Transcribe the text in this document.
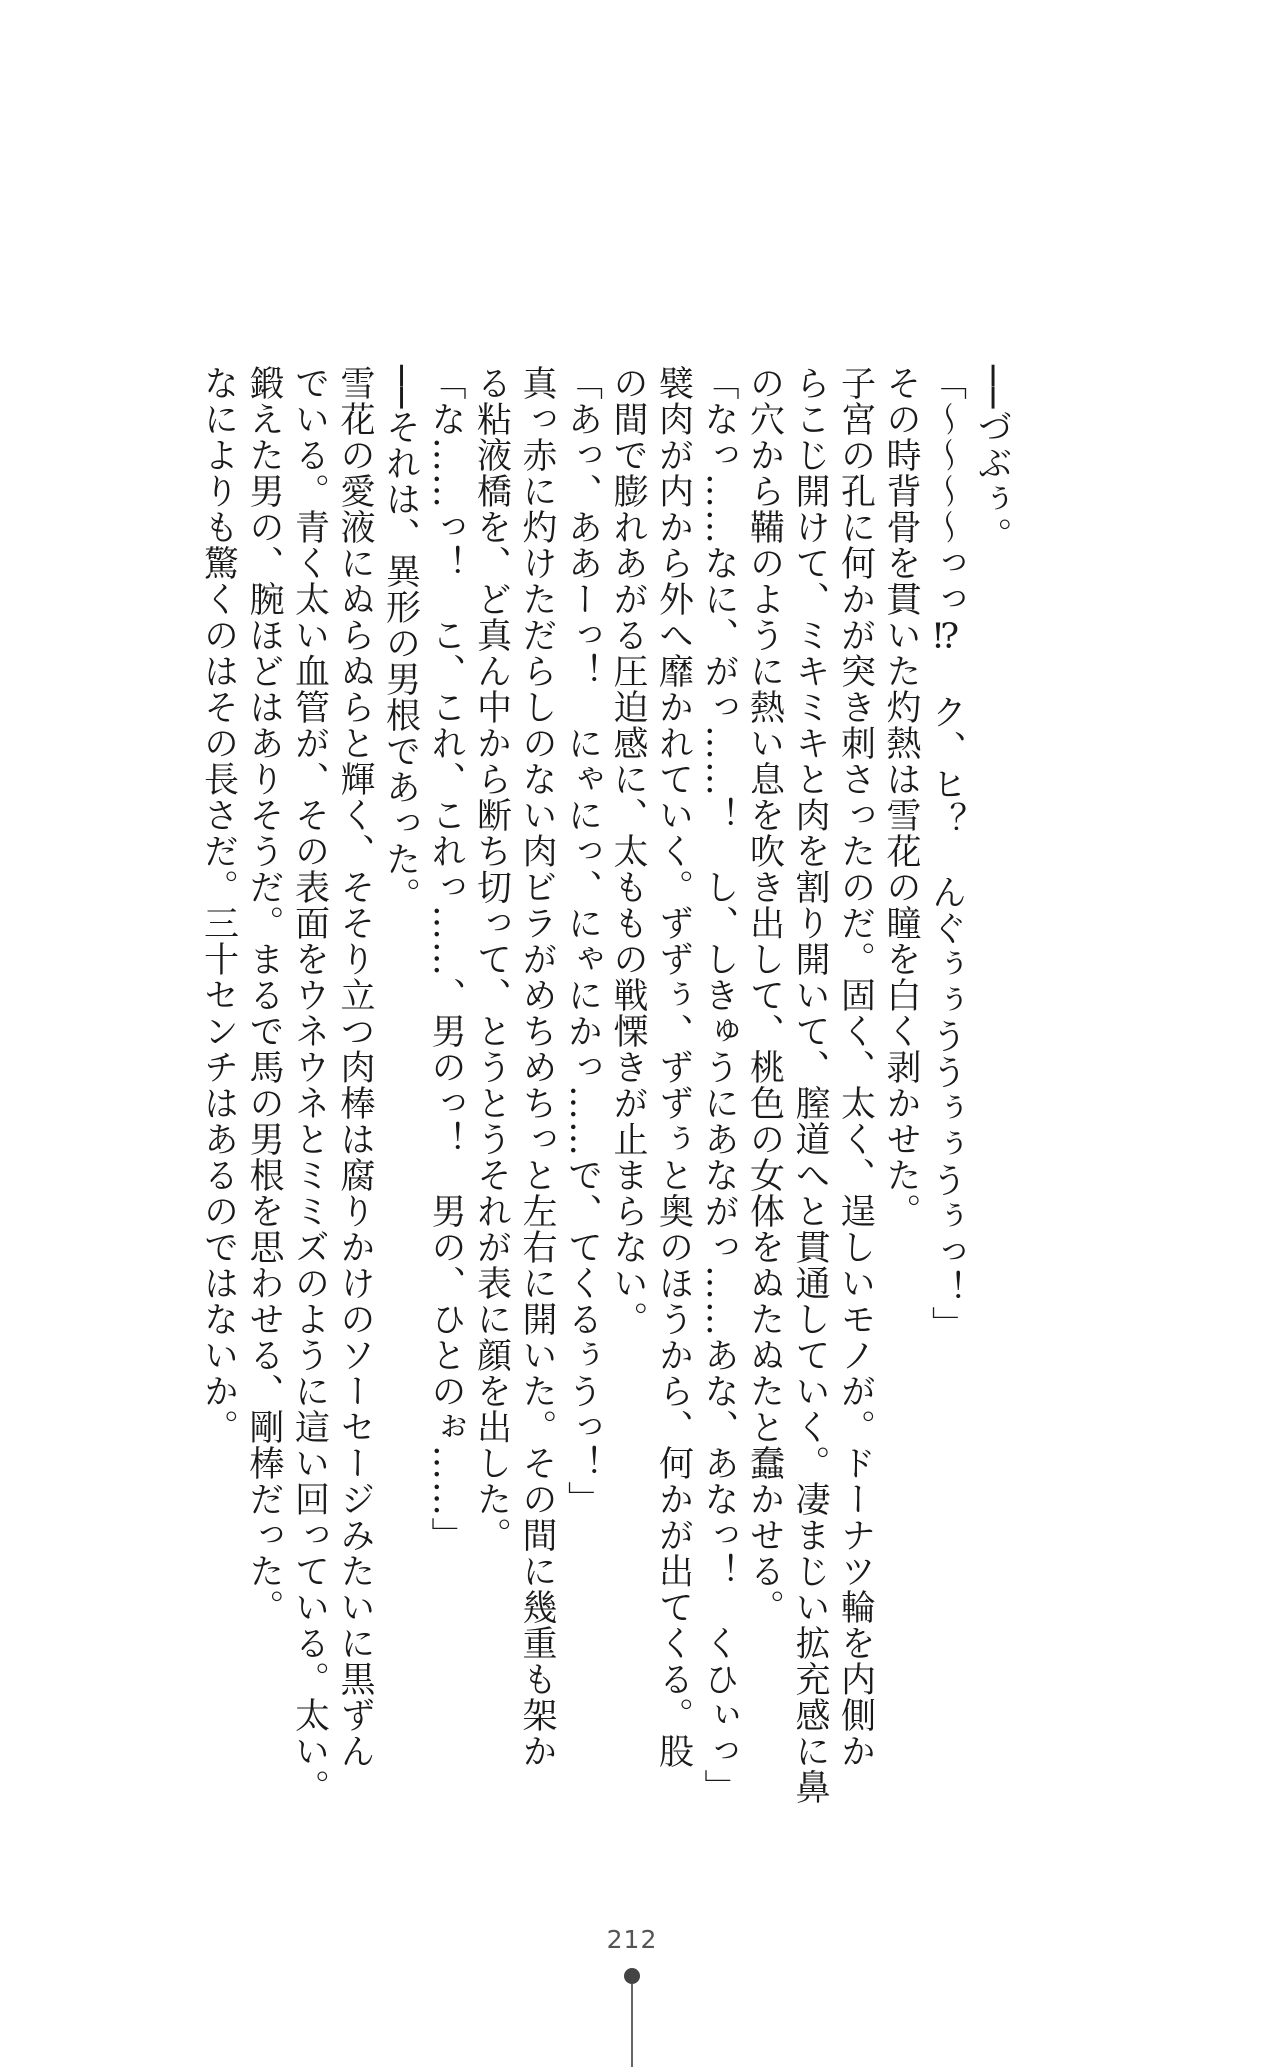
──づぶぅ。

「～～～～っっ⁉　ク、ヒ？　んぐぅぅううぅぅうぅっ！」

その時背骨を貫いた灼熱は雪花の瞳を白く剥かせた。

子宮の孔に何かが突き刺さったのだ。固く、太く、逞しいモノが。ドーナツ輪を内側か

らこじ開けて、ミキミキと肉を割り開いて、膣道へと貫通していく。凄まじい拡充感に鼻

の穴から鞴のように熱い息を吹き出して、桃色の女体をぬたぬたと蠢かせる。

「なっ……なに、がっ……！　し、しきゅうにあながっ……あな、あなっ！　くひぃっ」

襞肉が内から外へ靡かれていく。ずずぅ、ずずぅと奥のほうから、何かが出てくる。股

の間で膨れあがる圧迫感に、太ももの戦慄きが止まらない。

「あっ、ああーっ！　にゃにっ、にゃにかっ……で、てくるぅうっ！」

真っ赤に灼けただらしのない肉ビラがめちめちっと左右に開いた。その間に幾重も架か

る粘液橋を、ど真ん中から断ち切って、とうとうそれが表に顔を出した。

「な……っ！　こ、これ、これっ……、男のっ！　男の、ひとのぉ……」

──それは、異形の男根であった。

雪花の愛液にぬらぬらと輝く、そそり立つ肉棒は腐りかけのソーセージみたいに黒ずん

でいる。青く太い血管が、その表面をウネウネとミミズのように這い回っている。太い。

鍛えた男の、腕ほどはありそうだ。まるで馬の男根を思わせる、剛棒だった。

なによりも驚くのはその長さだ。三十センチはあるのではないか。

212
